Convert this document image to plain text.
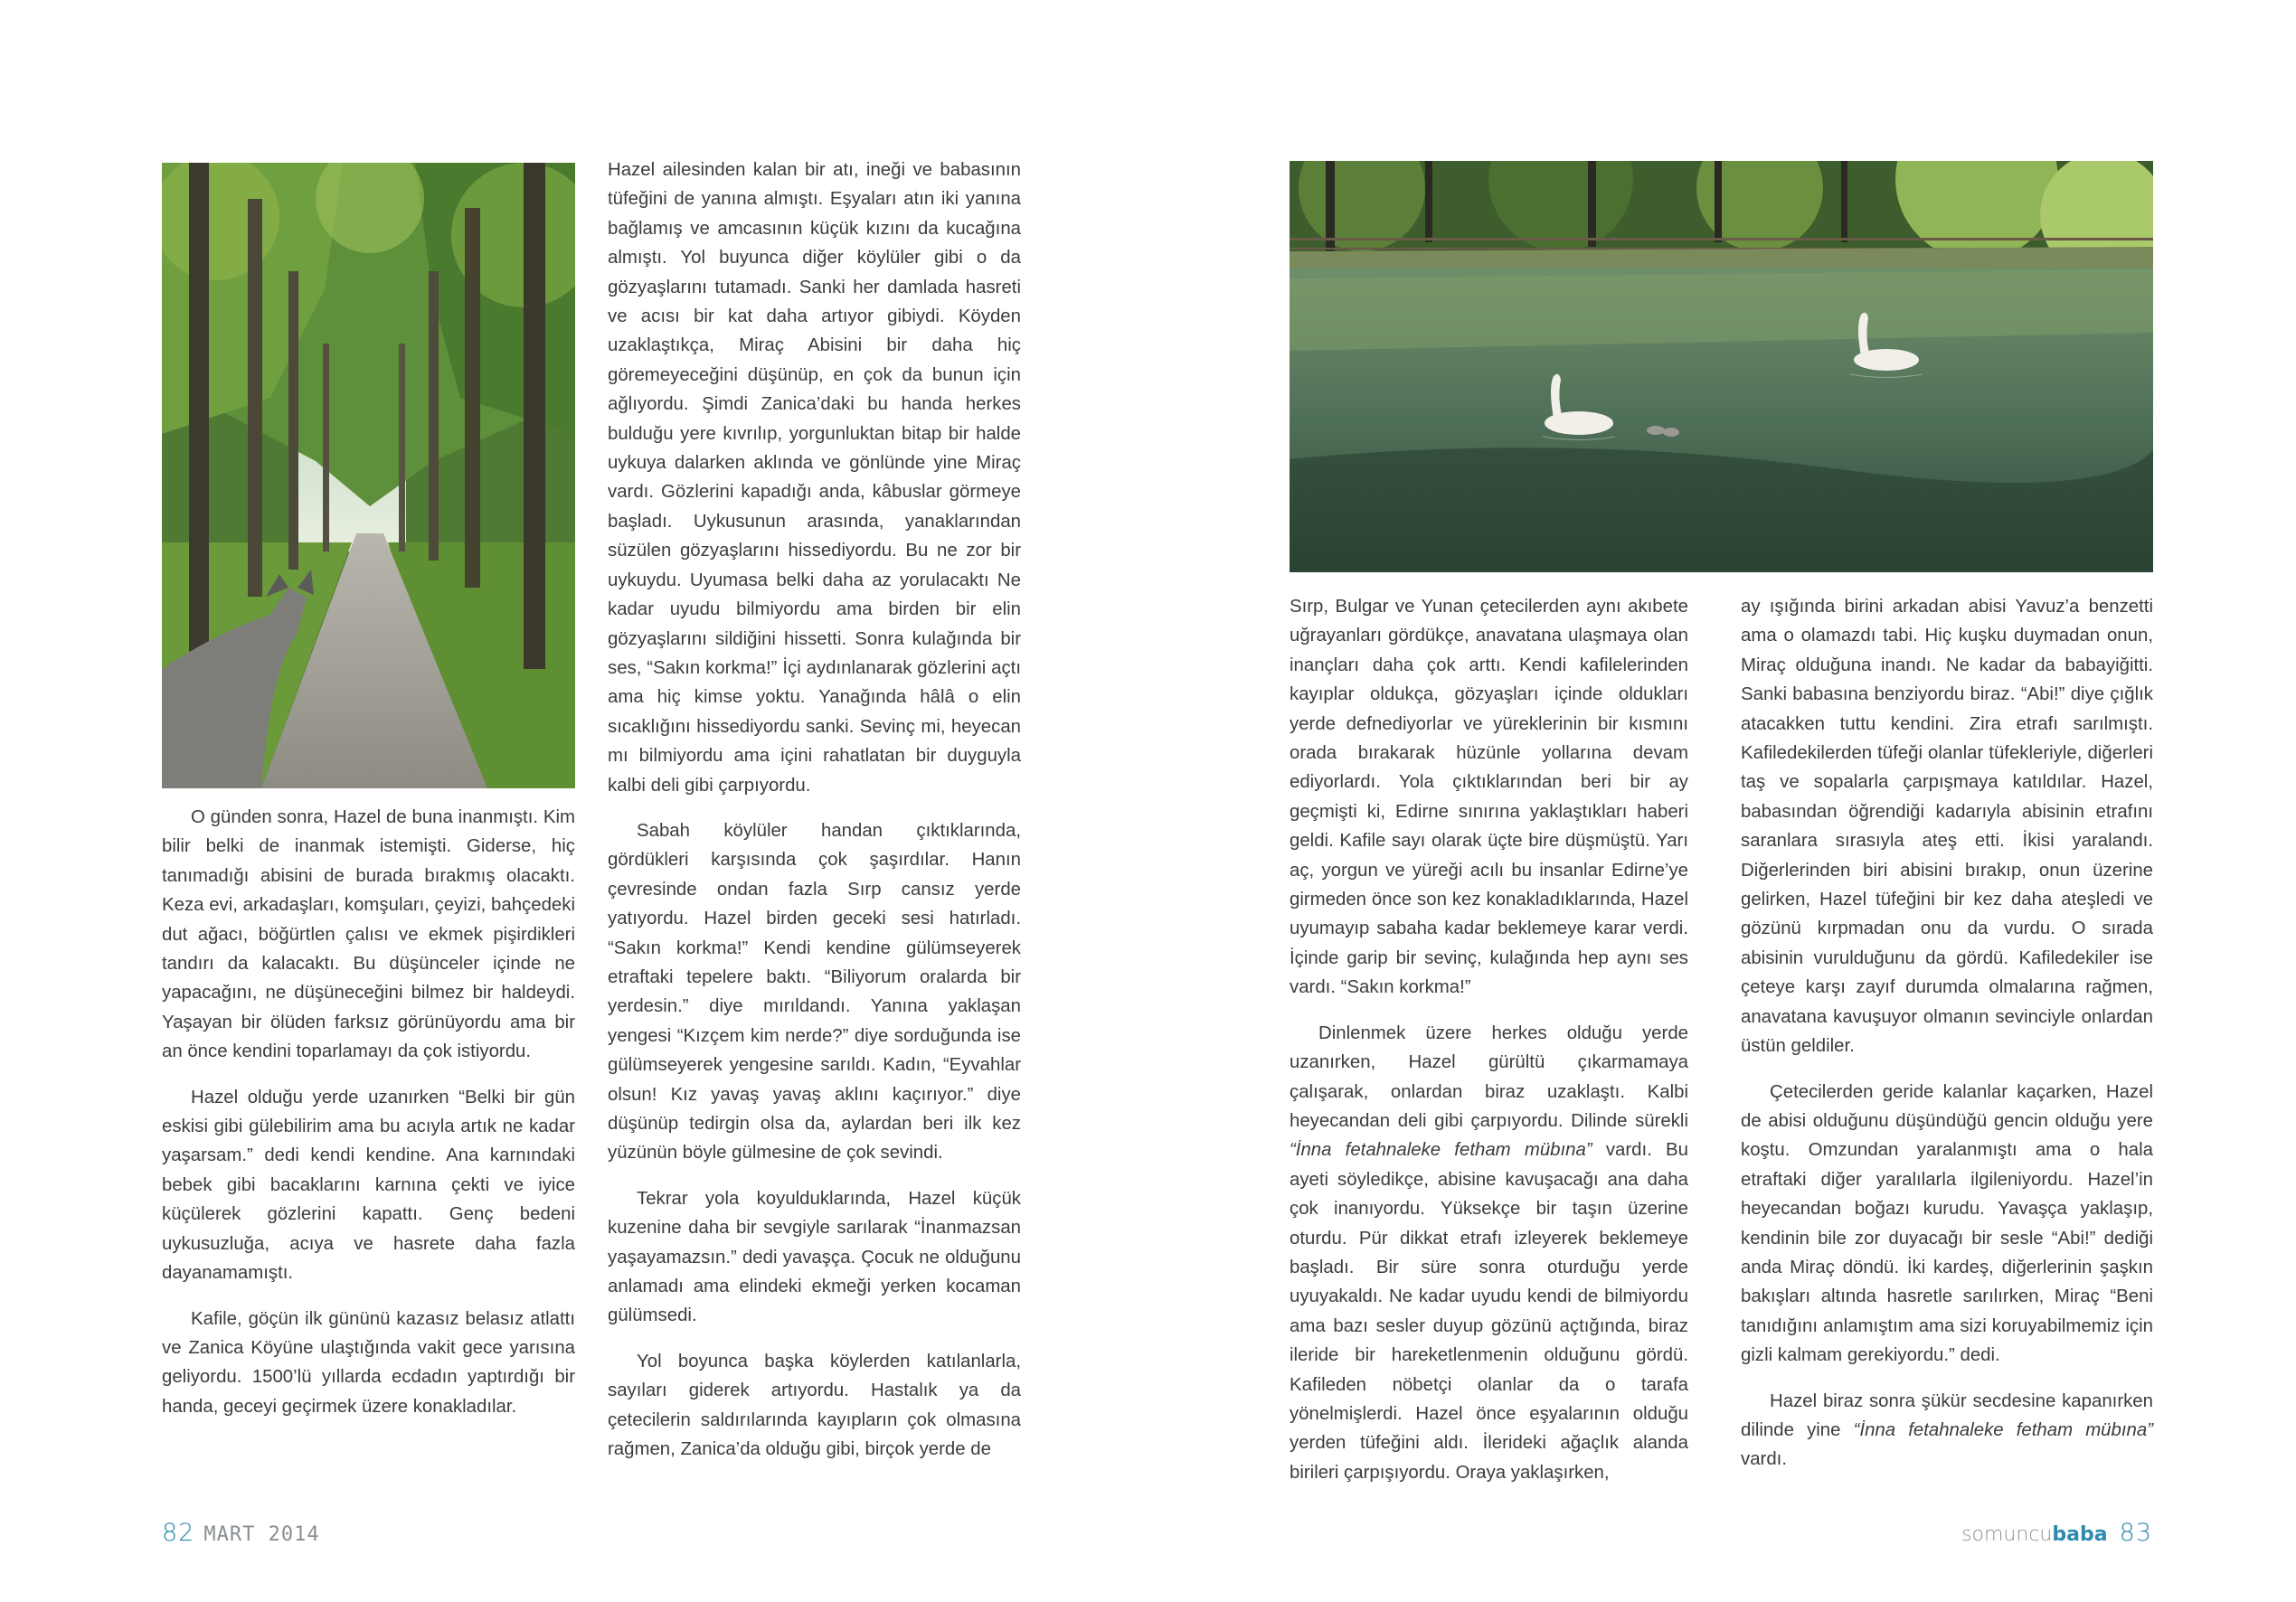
O günden sonra, Hazel de buna inanmıştı. Kim bilir belki de inanmak istemişti. Giderse, hiç tanımadığı abisini de burada bırakmış olacaktı. Keza evi, arkadaşları, komşuları, çeyizi, bahçedeki dut ağacı, böğürtlen çalısı ve ekmek pişirdikleri tandırı da kalacaktı. Bu düşünceler içinde ne yapacağını, ne düşüneceğini bilmez bir haldeydi. Yaşayan bir ölüden farksız görünüyordu ama bir an önce kendini toparlamayı da çok istiyordu.

Hazel olduğu yerde uzanırken “Belki bir gün eskisi gibi gülebilirim ama bu acıyla artık ne kadar yaşarsam.” dedi kendi kendine. Ana karnındaki bebek gibi bacaklarını karnına çekti ve iyice küçülerek gözlerini kapattı. Genç bedeni uykusuzluğa, acıya ve hasrete daha fazla dayanamamıştı.

Kafile, göçün ilk gününü kazasız belasız atlattı ve Zanica Köyüne ulaştığında vakit gece yarısına geliyordu. 1500’lü yıllarda ecdadın yaptırdığı bir handa, geceyi geçirmek üzere konakladılar.

Hazel ailesinden kalan bir atı, ineği ve babasının tüfeğini de yanına almıştı. Eşyaları atın iki yanına bağlamış ve amcasının küçük kızını da kucağına almıştı. Yol buyunca diğer köylüler gibi o da gözyaşlarını tutamadı. Sanki her damlada hasreti ve acısı bir kat daha artıyor gibiydi. Köyden uzaklaştıkça, Miraç Abisini bir daha hiç göremeyeceğini düşünüp, en çok da bunun için ağlıyordu. Şimdi Zanica’daki bu handa herkes bulduğu yere kıvrılıp, yorgunluktan bitap bir halde uykuya dalarken aklında ve gönlünde yine Miraç vardı. Gözlerini kapadığı anda, kâbuslar görmeye başladı. Uykusunun arasında, yanaklarından süzülen gözyaşlarını hissediyordu. Bu ne zor bir uykuydu. Uyumasa belki daha az yorulacaktı Ne kadar uyudu bilmiyordu ama birden bir elin gözyaşlarını sildiğini hissetti. Sonra kulağında bir ses, “Sakın korkma!” İçi aydınlanarak gözlerini açtı ama hiç kimse yoktu. Yanağında hâlâ o elin sıcaklığını hissediyordu sanki. Sevinç mi, heyecan mı bilmiyordu ama içini rahatlatan bir duyguyla kalbi deli gibi çarpıyordu.

Sabah köylüler handan çıktıklarında, gördükleri karşısında çok şaşırdılar. Hanın çevresinde ondan fazla Sırp cansız yerde yatıyordu. Hazel birden geceki sesi hatırladı. “Sakın korkma!” Kendi kendine gülümseyerek etraftaki tepelere baktı. “Biliyorum oralarda bir yerdesin.” diye mırıldandı. Yanına yaklaşan yengesi “Kızçem kim nerde?” diye sorduğunda ise gülümseyerek yengesine sarıldı. Kadın, “Eyvahlar olsun! Kız yavaş yavaş aklını kaçırıyor.” diye düşünüp tedirgin olsa da, aylardan beri ilk kez yüzünün böyle gülmesine de çok sevindi.

Tekrar yola koyulduklarında, Hazel küçük kuzenine daha bir sevgiyle sarılarak “İnanmazsan yaşayamazsın.” dedi yavaşça. Çocuk ne olduğunu anlamadı ama elindeki ekmeği yerken kocaman gülümsedi.

Yol boyunca başka köylerden katılanlarla, sayıları giderek artıyordu. Hastalık ya da çetecilerin saldırılarında kayıpların çok olmasına rağmen, Zanica’da olduğu gibi, birçok yerde de

82 MART 2014

Sırp, Bulgar ve Yunan çetecilerden aynı akıbete uğrayanları gördükçe, anavatana ulaşmaya olan inançları daha çok arttı. Kendi kafilelerinden kayıplar oldukça, gözyaşları içinde oldukları yerde defnediyorlar ve yüreklerinin bir kısmını orada bırakarak hüzünle yollarına devam ediyorlardı. Yola çıktıklarından beri bir ay geçmişti ki, Edirne sınırına yaklaştıkları haberi geldi. Kafile sayı olarak üçte bire düşmüştü. Yarı aç, yorgun ve yüreği acılı bu insanlar Edirne’ye girmeden önce son kez konakladıklarında, Hazel uyumayıp sabaha kadar beklemeye karar verdi. İçinde garip bir sevinç, kulağında hep aynı ses vardı. “Sakın korkma!”

Dinlenmek üzere herkes olduğu yerde uzanırken, Hazel gürültü çıkarmamaya çalışarak, onlardan biraz uzaklaştı. Kalbi heyecandan deli gibi çarpıyordu. Dilinde sürekli “İnna fetahnaleke fetham mübına” vardı. Bu ayeti söyledikçe, abisine kavuşacağı ana daha çok inanıyordu. Yüksekçe bir taşın üzerine oturdu. Pür dikkat etrafı izleyerek beklemeye başladı. Bir süre sonra oturduğu yerde uyuyakaldı. Ne kadar uyudu kendi de bilmiyordu ama bazı sesler duyup gözünü açtığında, biraz ileride bir hareketlenmenin olduğunu gördü. Kafileden nöbetçi olanlar da o tarafa yönelmişlerdi. Hazel önce eşyalarının olduğu yerden tüfeğini aldı. İlerideki ağaçlık alanda birileri çarpışıyordu. Oraya yaklaşırken,

ay ışığında birini arkadan abisi Yavuz’a benzetti ama o olamazdı tabi. Hiç kuşku duymadan onun, Miraç olduğuna inandı. Ne kadar da babayiğitti. Sanki babasına benziyordu biraz. “Abi!” diye çığlık atacakken tuttu kendini. Zira etrafı sarılmıştı. Kafiledekilerden tüfeği olanlar tüfekleriyle, diğerleri taş ve sopalarla çarpışmaya katıldılar. Hazel, babasından öğrendiği kadarıyla abisinin etrafını saranlara sırasıyla ateş etti. İkisi yaralandı. Diğerlerinden biri abisini bırakıp, onun üzerine gelirken, Hazel tüfeğini bir kez daha ateşledi ve gözünü kırpmadan onu da vurdu. O sırada abisinin vurulduğunu da gördü. Kafiledekiler ise çeteye karşı zayıf durumda olmalarına rağmen, anavatana kavuşuyor olmanın sevinciyle onlardan üstün geldiler.

Çetecilerden geride kalanlar kaçarken, Hazel de abisi olduğunu düşündüğü gencin olduğu yere koştu. Omzundan yaralanmıştı ama o hala etraftaki diğer yaralılarla ilgileniyordu. Hazel’in heyecandan boğazı kurudu. Yavaşça yaklaşıp, kendinin bile zor duyacağı bir sesle “Abi!” dediği anda Miraç döndü. İki kardeş, diğerlerinin şaşkın bakışları altında hasretle sarılırken, Miraç “Beni tanıdığını anlamıştım ama sizi koruyabilmemiz için gizli kalmam gerekiyordu.” dedi.

Hazel biraz sonra şükür secdesine kapanırken dilinde yine “İnna fetahnaleke fetham mübına” vardı.

somuncubaba 83
